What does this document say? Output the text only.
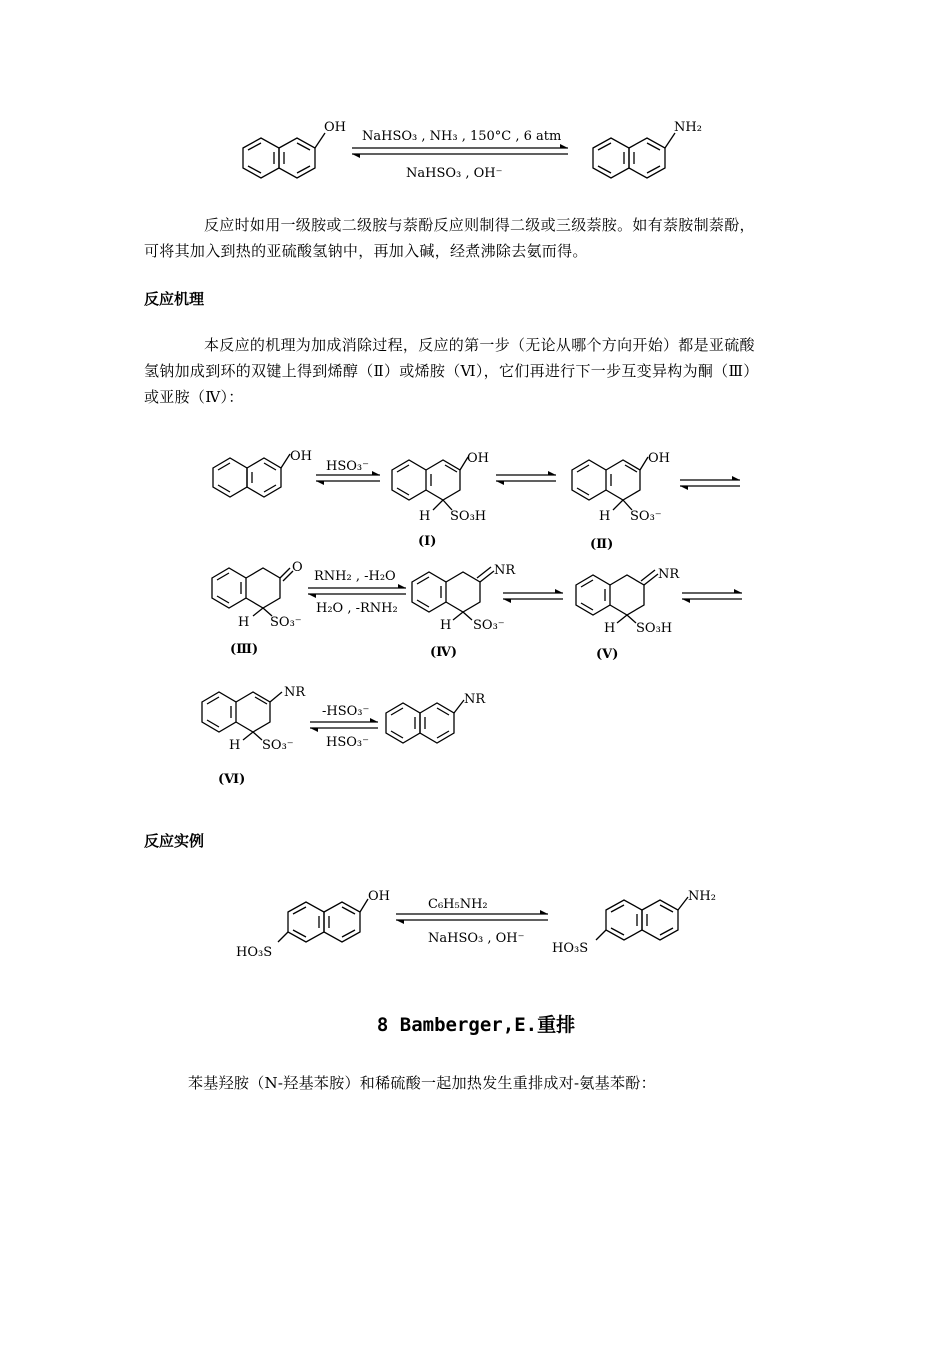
OH
NaHSO₃ , NH₃ , 150°C , 6 atm
NaHSO₃ , OH⁻
NH₂
反应时如用一级胺或二级胺与萘酚反应则制得二级或三级萘胺。如有萘胺制萘酚，
可将其加入到热的亚硫酸氢钠中，再加入碱，经煮沸除去氨而得。
反应机理
本反应的机理为加成消除过程，反应的第一步（无论从哪个方向开始）都是亚硫酸
氢钠加成到环的双键上得到烯醇（Ⅱ）或烯胺（Ⅵ），它们再进行下一步互变异构为酮（Ⅲ）
或亚胺（Ⅳ）：
OH
HSO₃⁻
OH
H SO₃H
(Ⅰ)
OH
H SO₃⁻
(Ⅱ)
O
H SO₃⁻
(Ⅲ)
RNH₂ , -H₂O
H₂O , -RNH₂
NR
H SO₃⁻
(Ⅳ)
NR
H SO₃H
(Ⅴ)
NR
H SO₃⁻
(Ⅵ)
-HSO₃⁻
HSO₃⁻
NR
反应实例
OH
HO₃S
C₆H₅NH₂
NaHSO₃ , OH⁻
NH₂
HO₃S
8 Bamberger,E.重排
苯基羟胺（N-羟基苯胺）和稀硫酸一起加热发生重排成对-氨基苯酚：
